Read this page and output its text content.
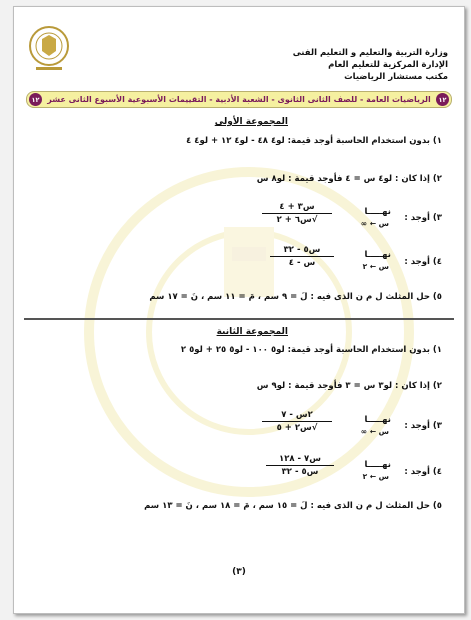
وزارة التربية والتعليم و التعليم الفنى
الإدارة المركزية للتعليم العام
مكتب مستشار الرياضيات
١٢
الرياضيات العامة - للصف الثانى الثانوى - الشعبة الأدبية - التقييمات الأسبوعية الأسبوع الثانى عشر
١٢
المجموعة الأولى
١) بدون استخدام الحاسبة أوجد قيمة: لو٤ ٤٨ - لو٤ ١٢ + لو٤ ٤
٢) إذا كان : لو٤ س = ٤ فأوجد قيمة : لو٨ س
٣) أوجد :
نهـــــا
س ← ∞
س٣ + ٤
√س٦ + ٢
٤) أوجد :
نهـــــا
س ← ٢
س٥ - ٣٢
س - ٤
٥) حل المثلث ل م ن الذى فيه : لَ = ٩ سم ، مَ = ١١ سم ، نَ = ١٧ سم
المجموعة الثانية
١) بدون استخدام الحاسبة أوجد قيمة: لو٥ ١٠٠ - لو٥ ٢٥ + لو٥ ٢
٢) إذا كان : لو٣ س = ٣ فأوجد قيمة : لو٩ س
٣) أوجد :
نهـــــا
س ← ∞
٢س - ٧
√س٢ + ٥
٤) أوجد :
نهـــــا
س ← ٢
س٧ - ١٢٨
س٥ - ٣٢
٥) حل المثلث ل م ن الذى فيه : لَ = ١٥ سم ، مَ = ١٨ سم ، نَ = ١٣ سم
(٣)
